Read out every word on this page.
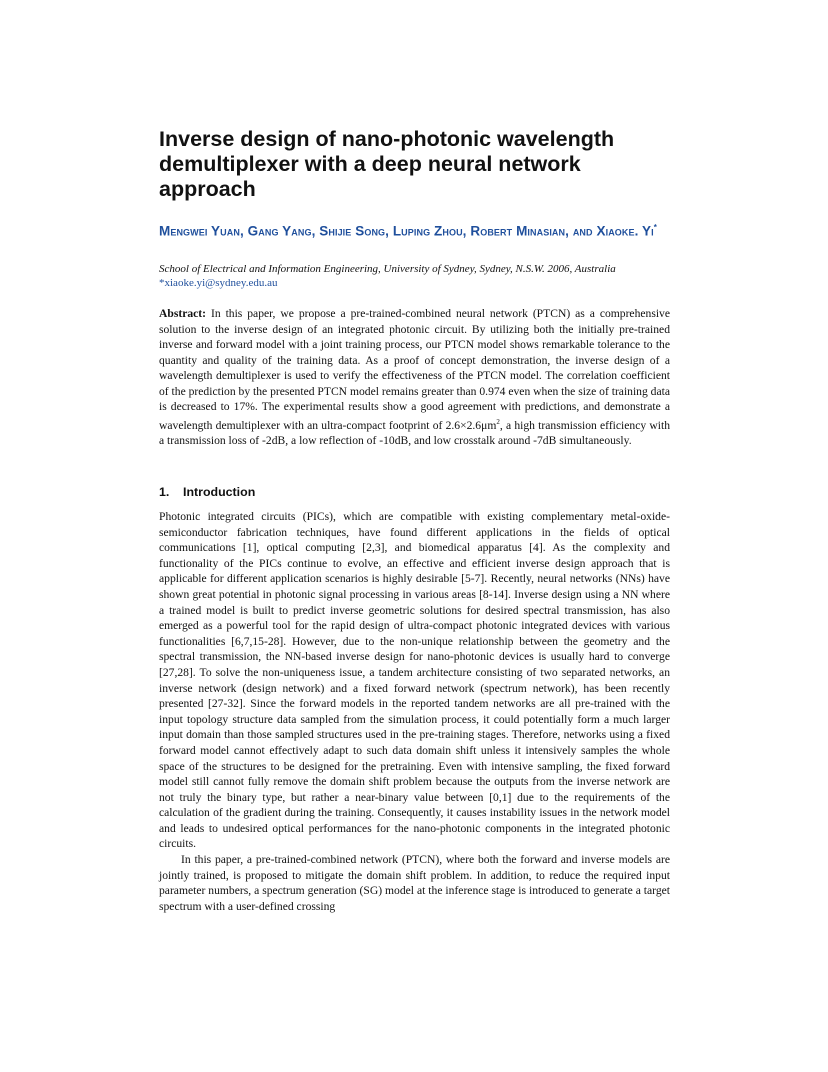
Inverse design of nano-photonic wavelength demultiplexer with a deep neural network approach
Mengwei Yuan, Gang Yang, Shijie Song, Luping Zhou, Robert Minasian, and Xiaoke. Yi*
School of Electrical and Information Engineering, University of Sydney, Sydney, N.S.W. 2006, Australia
*xiaoke.yi@sydney.edu.au

Abstract: In this paper, we propose a pre-trained-combined neural network (PTCN) as a comprehensive solution to the inverse design of an integrated photonic circuit. By utilizing both the initially pre-trained inverse and forward model with a joint training process, our PTCN model shows remarkable tolerance to the quantity and quality of the training data. As a proof of concept demonstration, the inverse design of a wavelength demultiplexer is used to verify the effectiveness of the PTCN model. The correlation coefficient of the prediction by the presented PTCN model remains greater than 0.974 even when the size of training data is decreased to 17%. The experimental results show a good agreement with predictions, and demonstrate a wavelength demultiplexer with an ultra-compact footprint of $2.6\times 2.6\mu m^2$, a high transmission efficiency with a transmission loss of -2dB, a low reflection of -10dB, and low crosstalk around -7dB simultaneously.

1. Introduction

Photonic integrated circuits (PICs), which are compatible with existing complementary metal-oxide-semiconductor fabrication techniques, have found different applications in the fields of optical communications [1], optical computing [2,3], and biomedical apparatus [4]. As the complexity and functionality of the PICs continue to evolve, an effective and efficient inverse design approach that is applicable for different application scenarios is highly desirable [5-7]. Recently, neural networks (NNs) have shown great potential in photonic signal processing in various areas [8-14]. Inverse design using a NN where a trained model is built to predict inverse geometric solutions for desired spectral transmission, has also emerged as a powerful tool for the rapid design of ultra-compact photonic integrated devices with various functionalities [6,7,15-28]. However, due to the non-unique relationship between the geometry and the spectral transmission, the NN-based inverse design for nano-photonic devices is usually hard to converge [27,28]. To solve the non-uniqueness issue, a tandem architecture consisting of two separated networks, an inverse network (design network) and a fixed forward network (spectrum network), has been recently presented [27-32]. Since the forward models in the reported tandem networks are all pre-trained with the input topology structure data sampled from the simulation process, it could potentially form a much larger input domain than those sampled structures used in the pre-training stages. Therefore, networks using a fixed forward model cannot effectively adapt to such data domain shift unless it intensively samples the whole space of the structures to be designed for the pretraining. Even with intensive sampling, the fixed forward model still cannot fully remove the domain shift problem because the outputs from the inverse network are not truly the binary type, but rather a near-binary value between [0,1] due to the requirements of the calculation of the gradient during the training. Consequently, it causes instability issues in the network model and leads to undesired optical performances for the nano-photonic components in the integrated photonic circuits.

In this paper, a pre-trained-combined network (PTCN), where both the forward and inverse models are jointly trained, is proposed to mitigate the domain shift problem. In addition, to reduce the required input parameter numbers, a spectrum generation (SG) model at the inference stage is introduced to generate a target spectrum with a user-defined crossing
